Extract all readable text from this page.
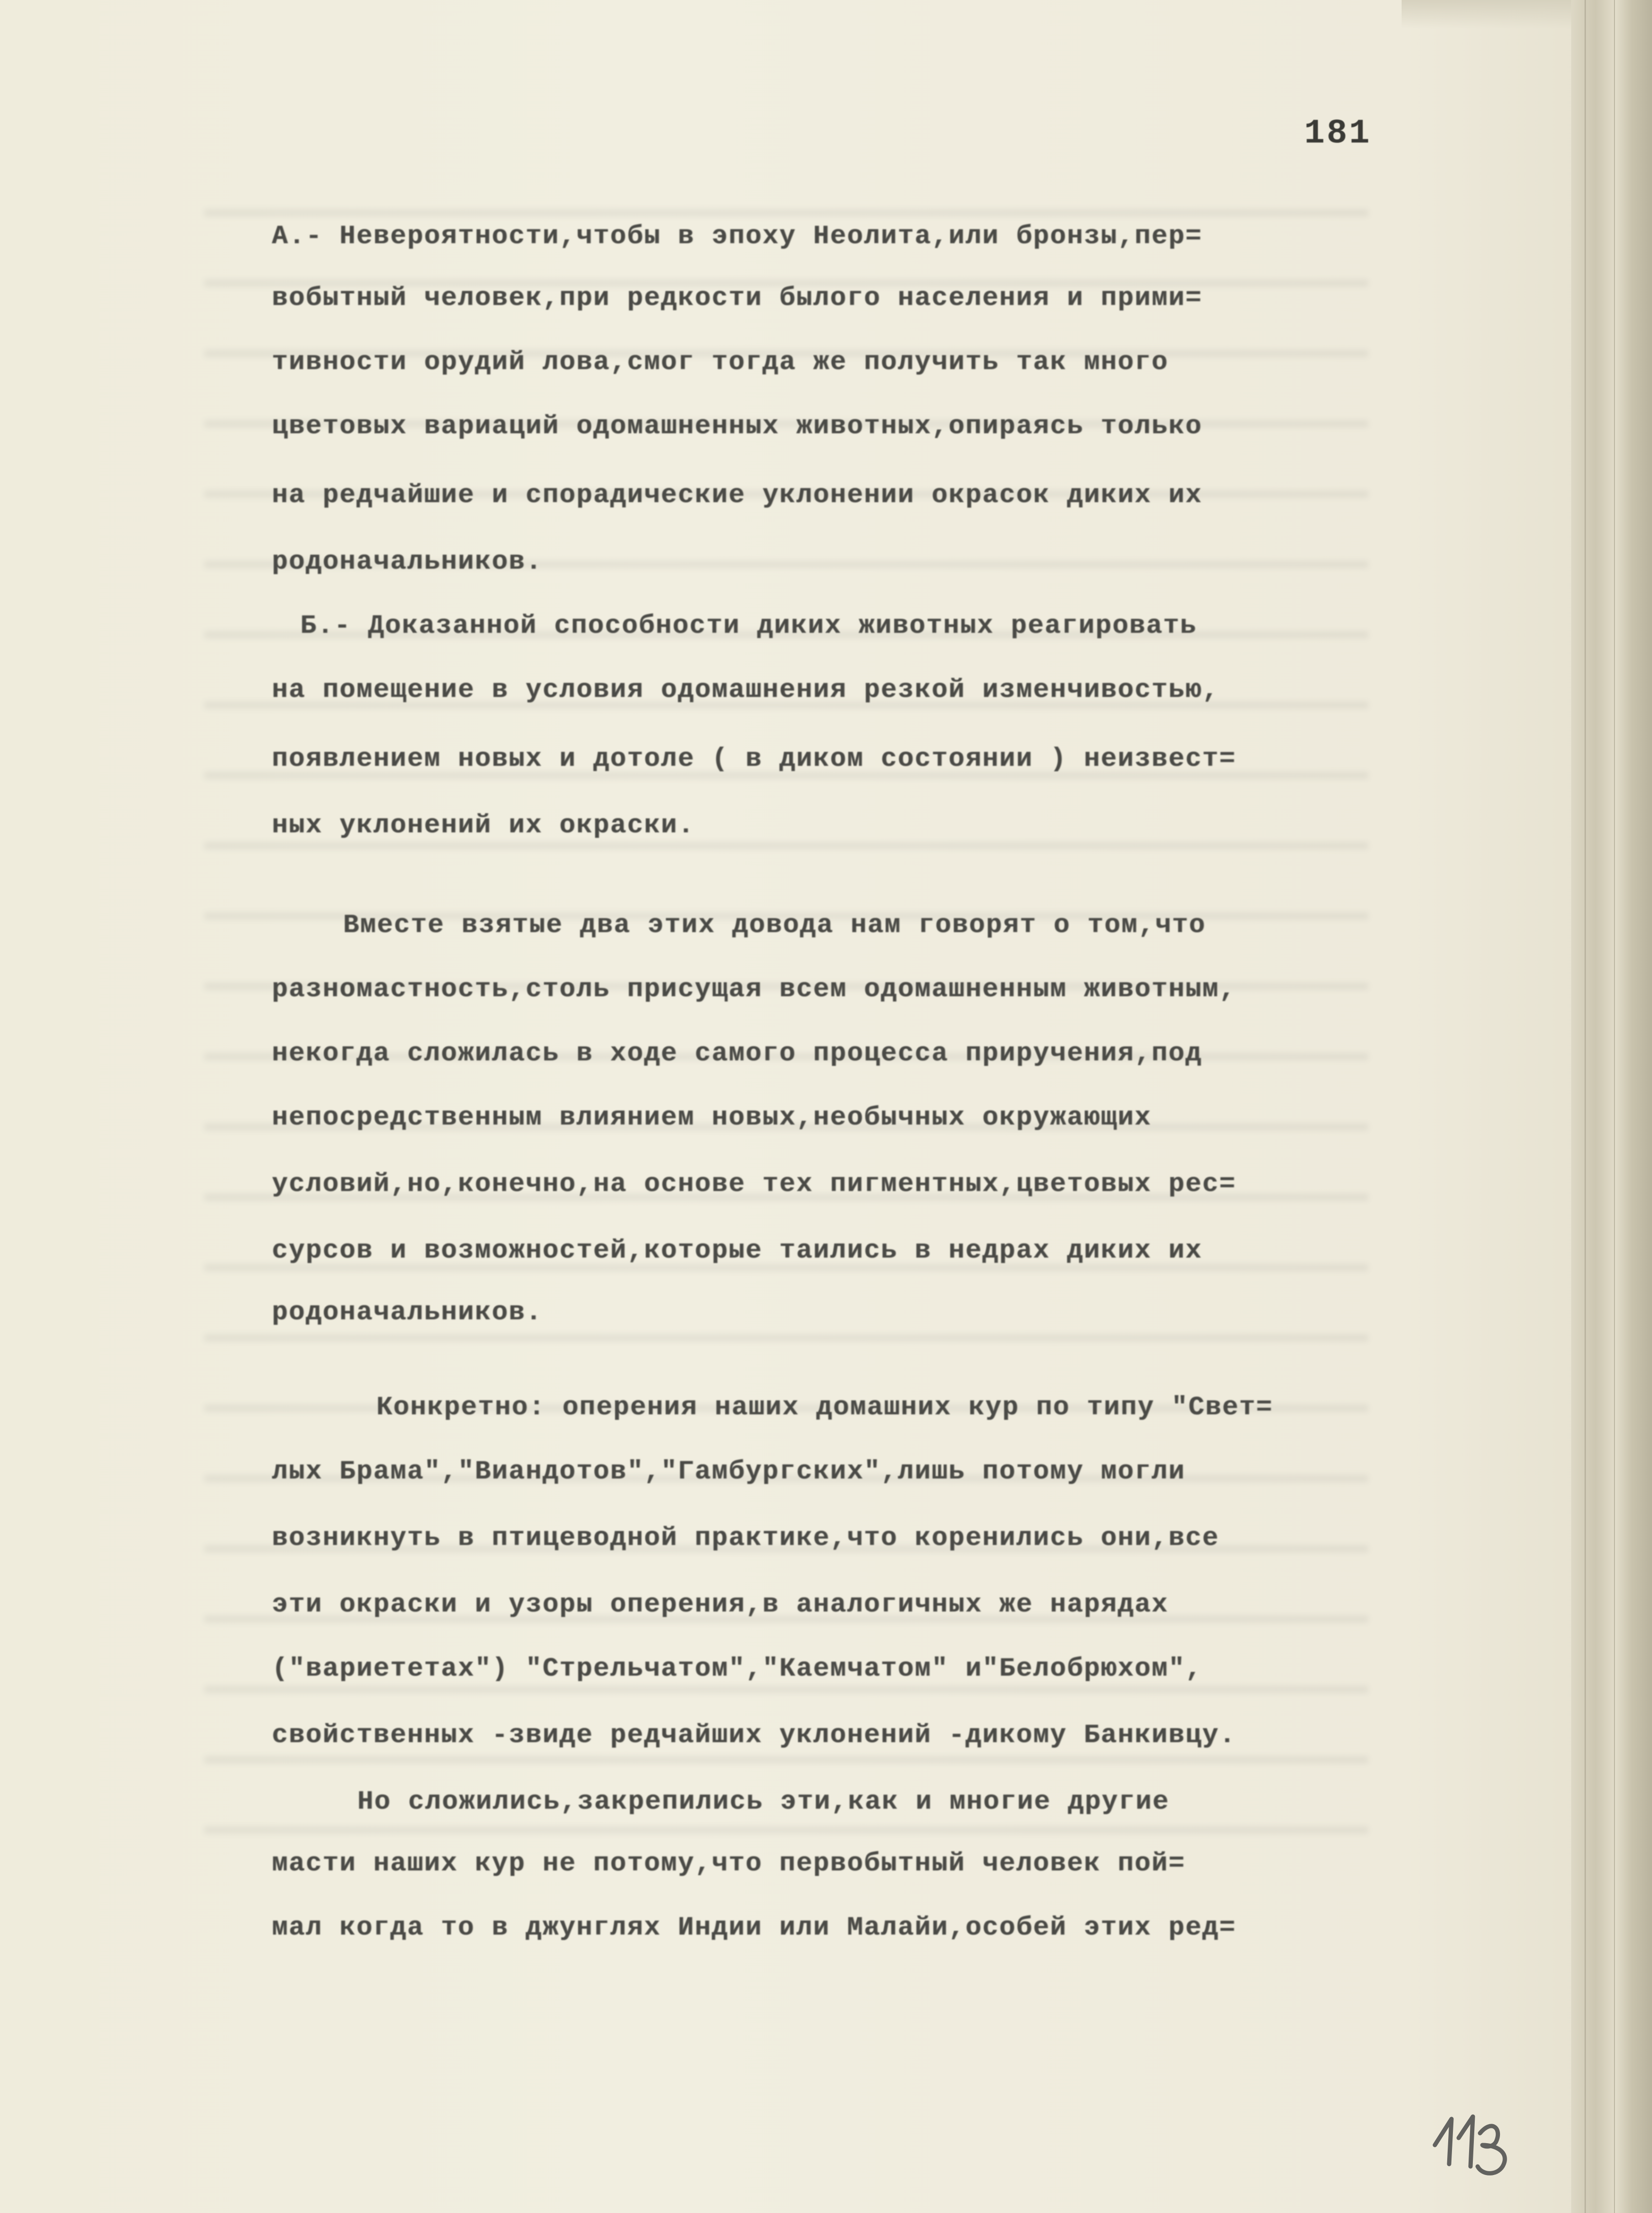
181
А.- Невероятности,чтобы в эпоху Неолита,или бронзы,пер=
вобытный человек,при редкости былого населения и прими=
тивности орудий лова,смог тогда же получить так много
цветовых вариаций одомашненных животных,опираясь только
на редчайшие и спорадические уклонении окрасок диких их
родоначальников.
Б.- Доказанной способности диких животных реагировать
на помещение в условия одомашнения резкой изменчивостью,
появлением новых и дотоле ( в диком состоянии ) неизвест=
ных уклонений их окраски.
Вместе взятые два этих довода нам говорят о том,что
разномастность,столь присущая всем одомашненным животным,
некогда сложилась в ходе самого процесса приручения,под
непосредственным влиянием новых,необычных окружающих
условий,но,конечно,на основе тех пигментных,цветовых рес=
сурсов и возможностей,которые таились в недрах диких их
родоначальников.
Конкретно: оперения наших домашних кур по типу "Свет=
лых Брама","Виандотов","Гамбургских",лишь потому могли
возникнуть в птицеводной практике,что коренились они,все
эти окраски и узоры оперения,в аналогичных же нарядах
("вариететах") "Стрельчатом","Каемчатом" и"Белобрюхом",
свойственных -звиде редчайших уклонений -дикому Банкивцу.
Но сложились,закрепились эти,как и многие другие
масти наших кур не потому,что первобытный человек пой=
мал когда то в джунглях Индии или Малайи,особей этих ред=
